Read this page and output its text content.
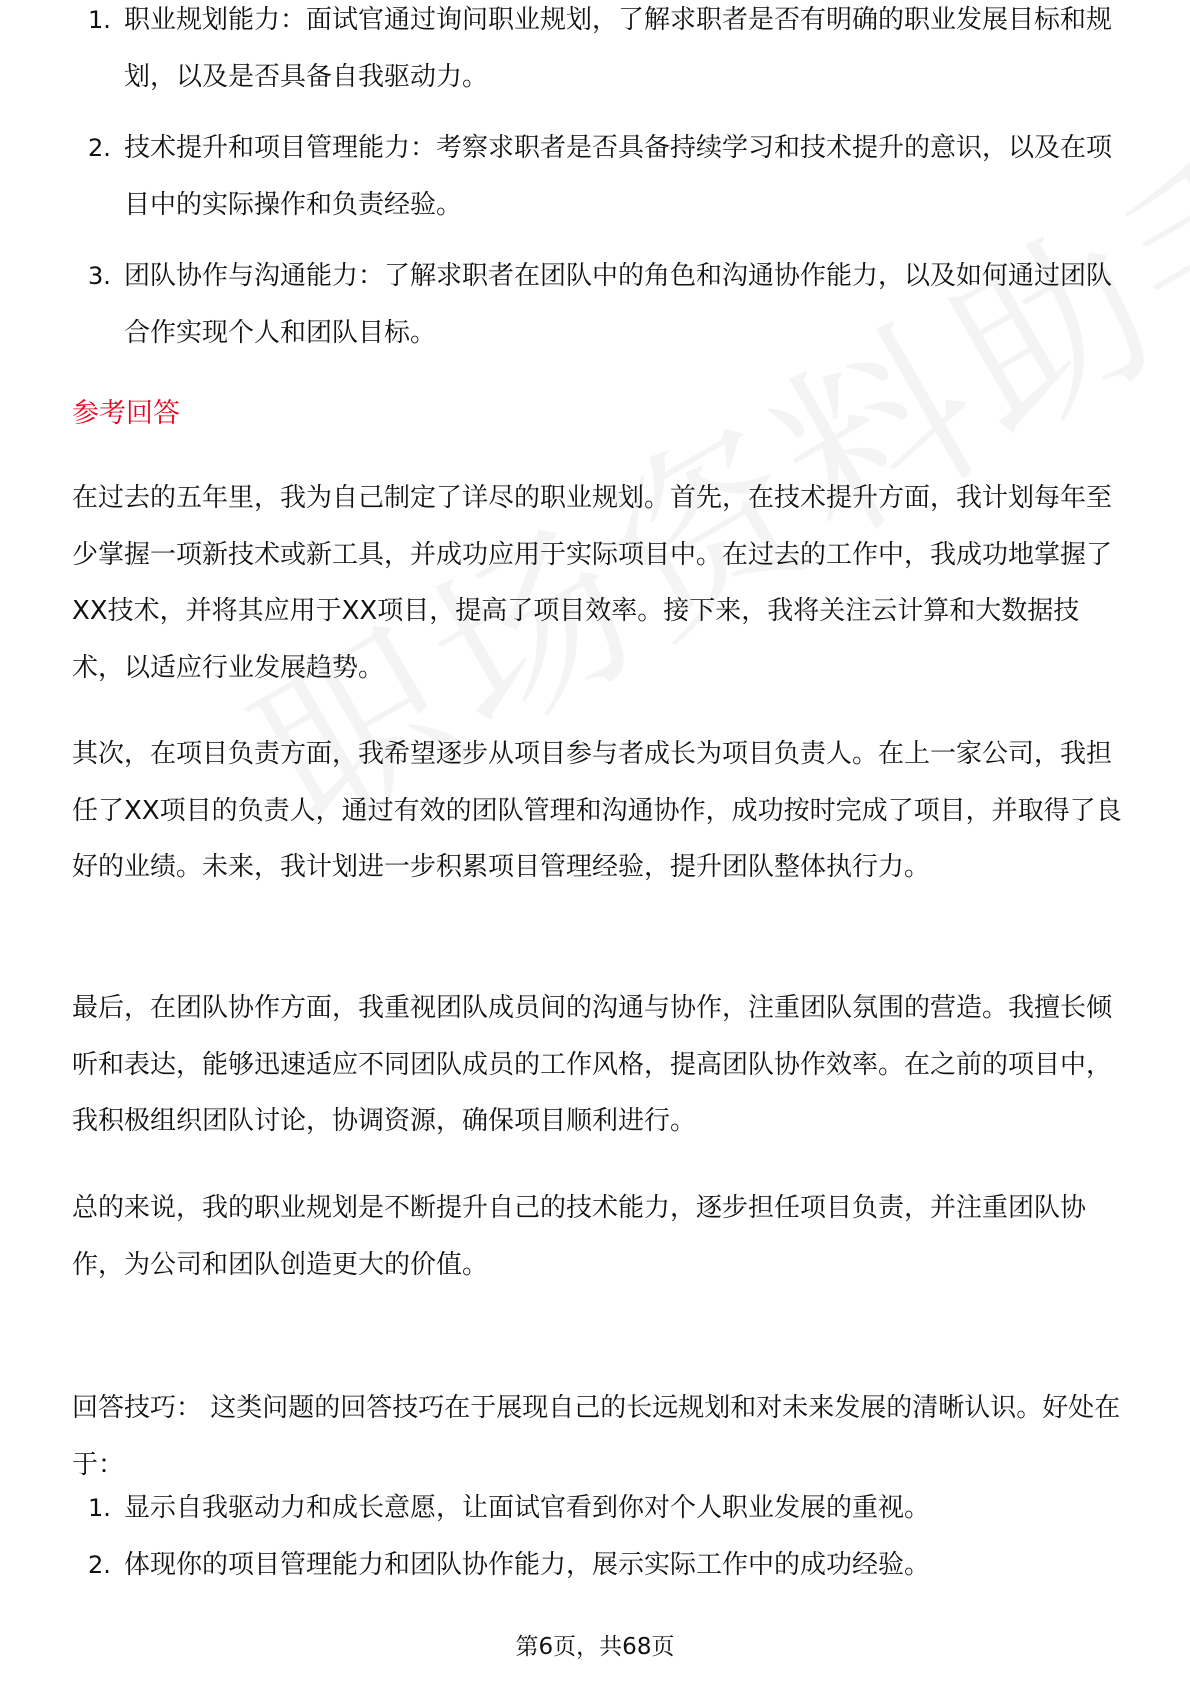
1. 职业规划能力：面试官通过询问职业规划，了解求职者是否有明确的职业发展目标和规划，以及是否具备自我驱动力。
2. 技术提升和项目管理能力：考察求职者是否具备持续学习和技术提升的意识，以及在项目中的实际操作和负责经验。
3. 团队协作与沟通能力：了解求职者在团队中的角色和沟通协作能力，以及如何通过团队合作实现个人和团队目标。
参考回答

在过去的五年里，我为自己制定了详尽的职业规划。首先，在技术提升方面，我计划每年至少掌握一项新技术或新工具，并成功应用于实际项目中。在过去的工作中，我成功地掌握了XX技术，并将其应用于XX项目，提高了项目效率。接下来，我将关注云计算和大数据技术，以适应行业发展趋势。

其次，在项目负责方面，我希望逐步从项目参与者成长为项目负责人。在上一家公司，我担任了XX项目的负责人，通过有效的团队管理和沟通协作，成功按时完成了项目，并取得了良好的业绩。未来，我计划进一步积累项目管理经验，提升团队整体执行力。

最后，在团队协作方面，我重视团队成员间的沟通与协作，注重团队氛围的营造。我擅长倾听和表达，能够迅速适应不同团队成员的工作风格，提高团队协作效率。在之前的项目中，我积极组织团队讨论，协调资源，确保项目顺利进行。

总的来说，我的职业规划是不断提升自己的技术能力，逐步担任项目负责，并注重团队协作，为公司和团队创造更大的价值。

回答技巧： 这类问题的回答技巧在于展现自己的长远规划和对未来发展的清晰认识。好处在于：

1. 显示自我驱动力和成长意愿，让面试官看到你对个人职业发展的重视。
2. 体现你的项目管理能力和团队协作能力，展示实际工作中的成功经验。
第6页，共68页
